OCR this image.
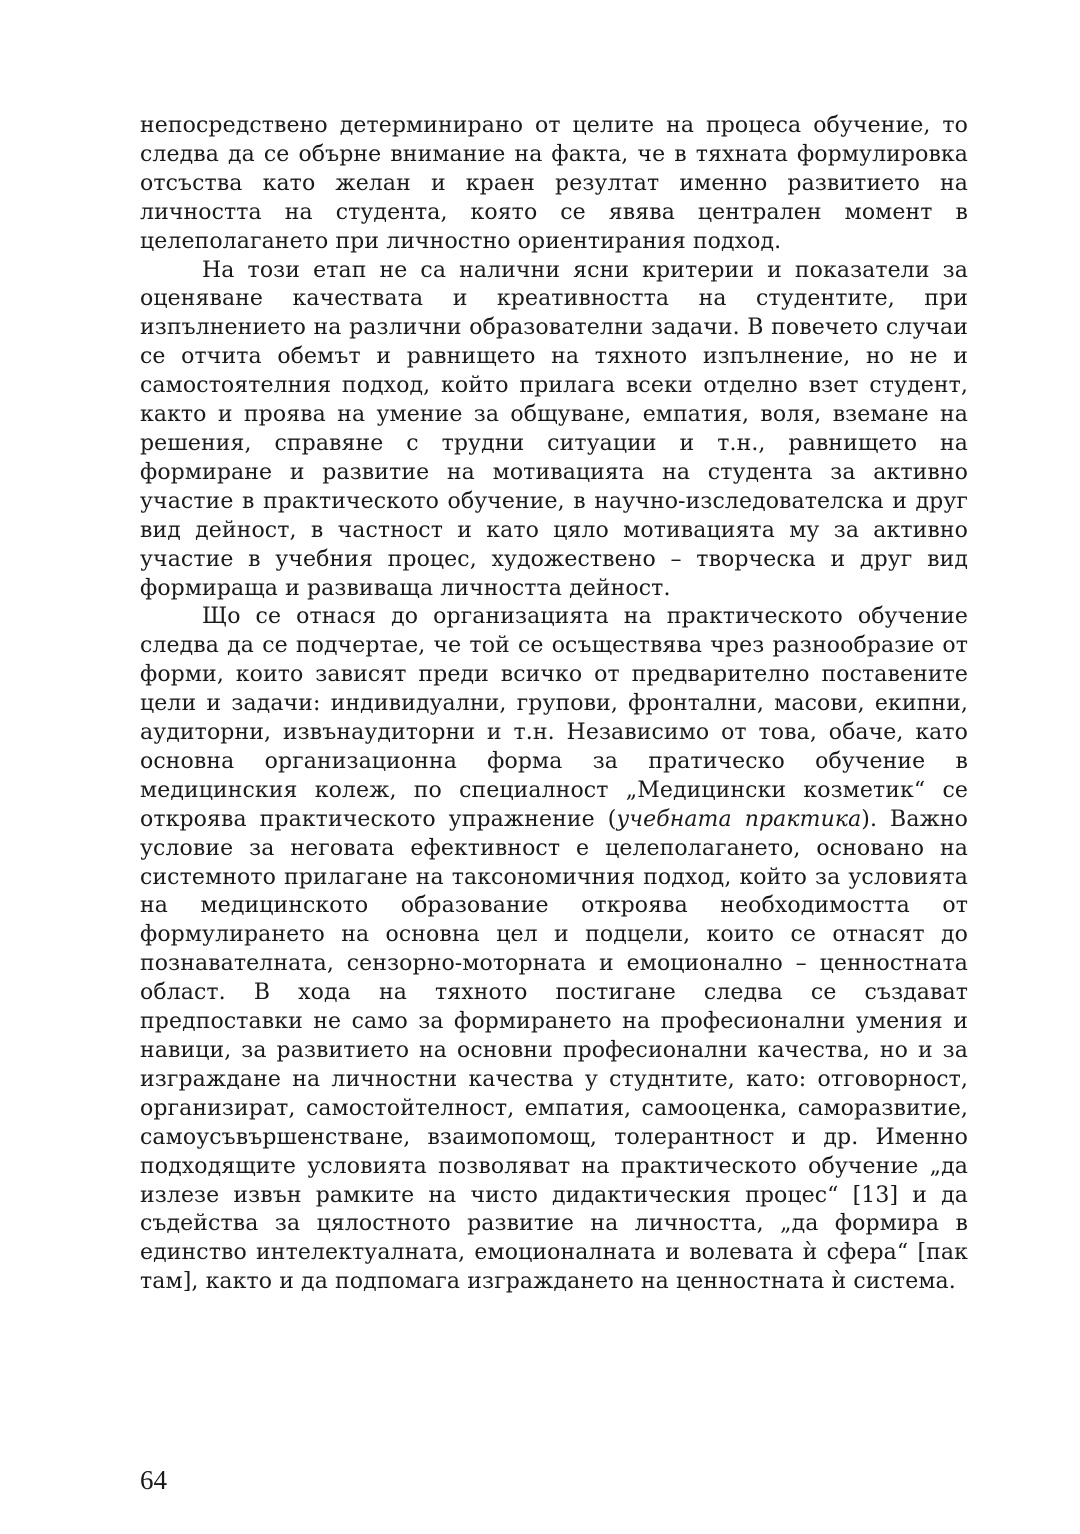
непосредствено детерминирано от целите на процеса обучение, то следва да се обърне внимание на факта, че в тяхната формулировка отсъства като желан и краен резултат именно развитието на личността на студента, която се явява централен момент в целеполагането при личностно ориентирания подход.

На този етап не са налични ясни критерии и показатели за оценяване качествата и креативността на студентите, при изпълнението на различни образователни задачи. В повечето случаи се отчита обемът и равнището на тяхното изпълнение, но не и самостоятелния подход, който прилага всеки отделно взет студент, както и проява на умение за общуване, емпатия, воля, вземане на решения, справяне с трудни ситуации и т.н., равнището на формиране и развитие на мотивацията на студента за активно участие в практическото обучение, в научно-изследователска и друг вид дейност, в частност и като цяло мотивацията му за активно участие в учебния процес, художествено – творческа и друг вид формираща и развиваща личността дейност.

Що се отнася до организацията на практическото обучение следва да се подчертае, че той се осъществява чрез разнообразие от форми, които зависят преди всичко от предварително поставените цели и задачи: индивидуални, групови, фронтални, масови, екипни, аудиторни, извънаудиторни и т.н. Независимо от това, обаче, като основна организационна форма за пратическо обучение в медицинския колеж, по специалност „Медицински козметик“ се откроява практическото упражнение (учебната практика). Важно условие за неговата ефективност е целеполагането, основано на системното прилагане на таксономичния подход, който за условията на медицинското образование откроява необходимостта от формулирането на основна цел и подцели, които се отнасят до познавателната, сензорно-моторната и емоционално – ценностната област. В хода на тяхното постигане следва се създават предпоставки не само за формирането на професионални умения и навици, за развитието на основни професионални качества, но и за изграждане на личностни качества у студнтите, като: отговорност, организират, самостойтелност, емпатия, самооценка, саморазвитие, самоусъвършенстване, взаимопомощ, толерантност и др. Именно подходящите условията позволяват на практическото обучение „да излезе извън рамките на чисто дидактическия процес“ [13] и да съдейства за цялостното развитие на личността, „да формира в единство интелектуалната, емоционалната и волевата ѝ сфера“ [пак там], както и да подпомага изграждането на ценностната ѝ система.

64
